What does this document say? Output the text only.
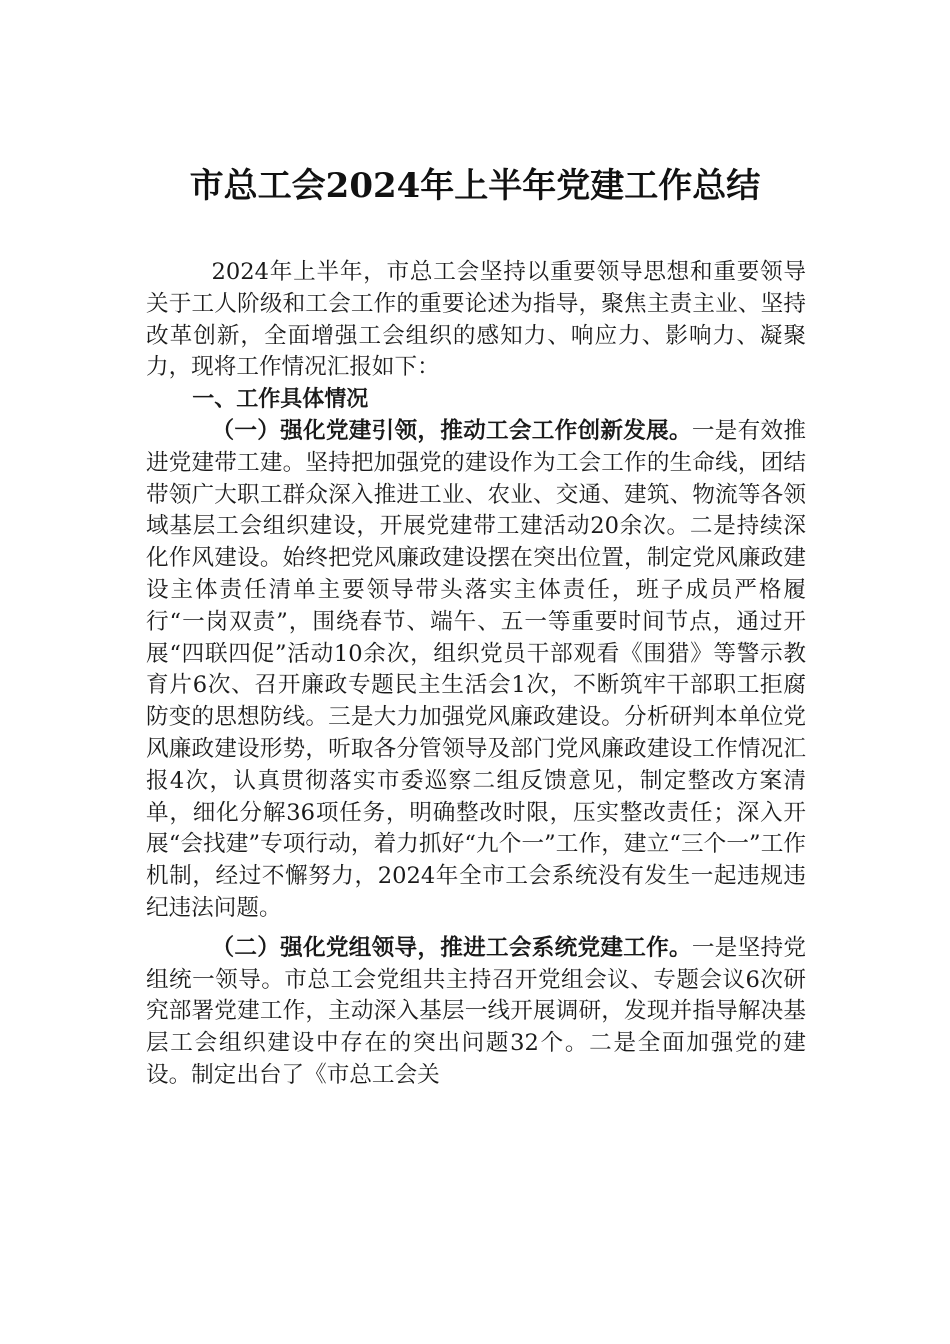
市总工会2024年上半年党建工作总结

2024年上半年，市总工会坚持以重要领导思想和重要领导关于工人阶级和工会工作的重要论述为指导，聚焦主责主业、坚持改革创新，全面增强工会组织的感知力、响应力、影响力、凝聚力，现将工作情况汇报如下：

一、工作具体情况

（一）强化党建引领，推动工会工作创新发展。一是有效推进党建带工建。坚持把加强党的建设作为工会工作的生命线，团结带领广大职工群众深入推进工业、农业、交通、建筑、物流等各领域基层工会组织建设，开展党建带工建活动20余次。二是持续深化作风建设。始终把党风廉政建设摆在突出位置，制定党风廉政建设主体责任清单主要领导带头落实主体责任，班子成员严格履行“一岗双责”，围绕春节、端午、五一等重要时间节点，通过开展“四联四促”活动10余次，组织党员干部观看《围猎》等警示教育片6次、召开廉政专题民主生活会1次，不断筑牢干部职工拒腐防变的思想防线。三是大力加强党风廉政建设。分析研判本单位党风廉政建设形势，听取各分管领导及部门党风廉政建设工作情况汇报4次，认真贯彻落实市委巡察二组反馈意见，制定整改方案清单，细化分解36项任务，明确整改时限，压实整改责任；深入开展“会找建”专项行动，着力抓好“九个一”工作，建立“三个一”工作机制，经过不懈努力，2024年全市工会系统没有发生一起违规违纪违法问题。

（二）强化党组领导，推进工会系统党建工作。一是坚持党组统一领导。市总工会党组共主持召开党组会议、专题会议6次研究部署党建工作，主动深入基层一线开展调研，发现并指导解决基层工会组织建设中存在的突出问题32个。二是全面加强党的建设。制定出台了《市总工会关
